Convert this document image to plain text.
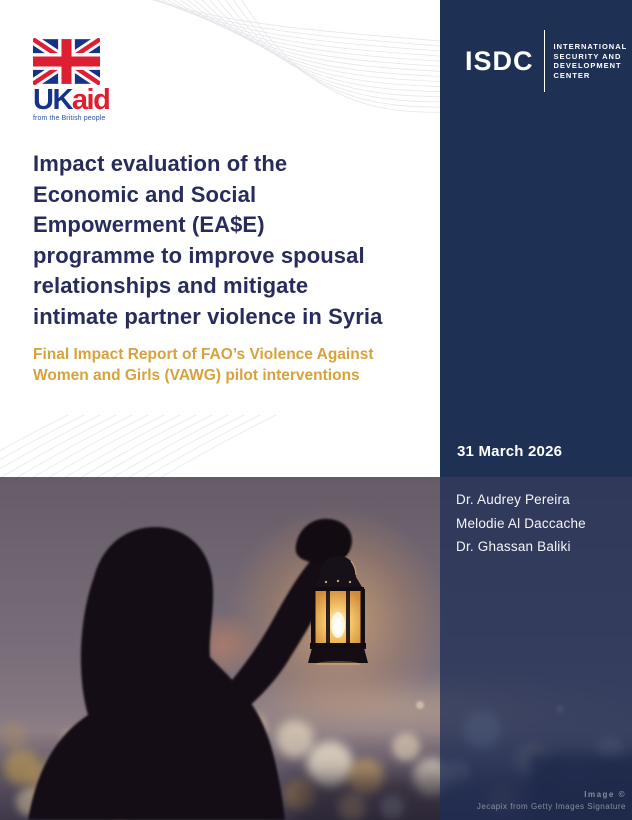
UKaid
from the British people
Impact evaluation of the
Economic and Social
Empowerment (EA$E)
programme to improve spousal
relationships and mitigate
intimate partner violence in Syria
Final Impact Report of FAO’s Violence Against
Women and Girls (VAWG) pilot interventions
ISDC	INTERNATIONAL
SECURITY AND
DEVELOPMENT
CENTER
31 March 2026
Dr. Audrey Pereira
Melodie Al Daccache
Dr. Ghassan Baliki
Image ©
Jecapix from Getty Images Signature
